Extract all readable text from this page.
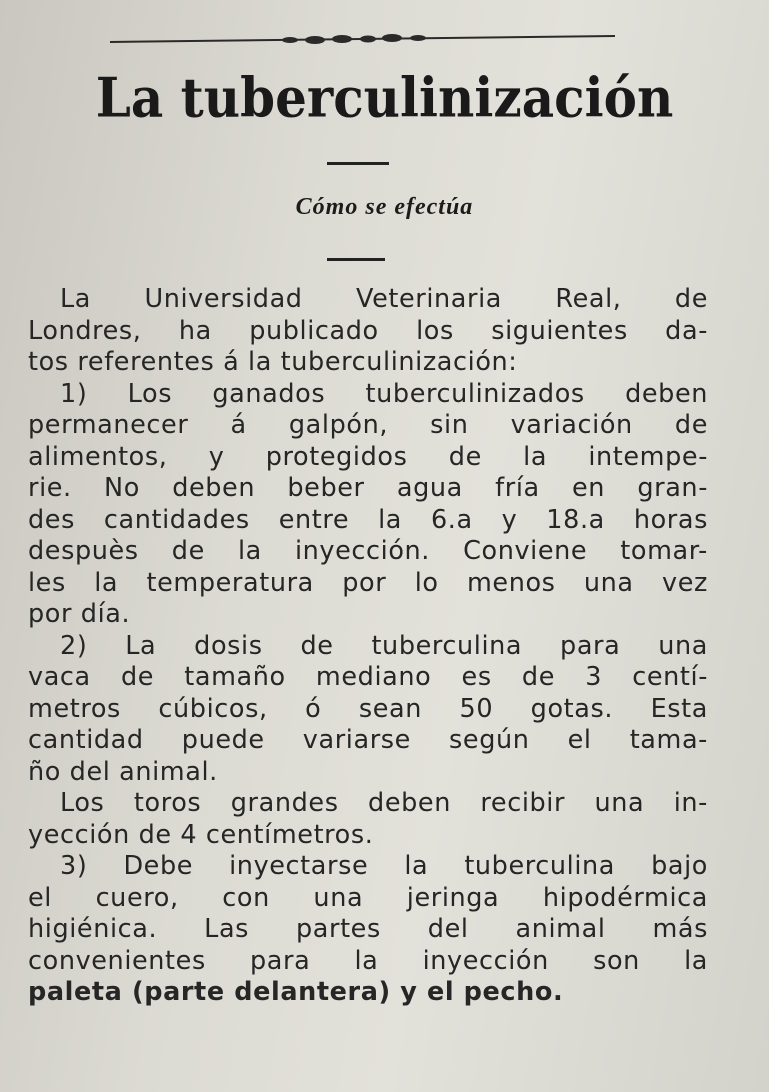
La tuberculinización
Cómo se efectúa
La Universidad Veterinaria Real, de
Londres, ha publicado los siguientes da-
tos referentes á la tuberculinización:
1) Los ganados tuberculinizados deben
permanecer á galpón, sin variación de
alimentos, y protegidos de la intempe-
rie. No deben beber agua fría en gran-
des cantidades entre la 6.a y 18.a horas
despuès de la inyección. Conviene tomar-
les la temperatura por lo menos una vez
por día.
2) La dosis de tuberculina para una
vaca de tamaño mediano es de 3 centí-
metros cúbicos, ó sean 50 gotas. Esta
cantidad puede variarse según el tama-
ño del animal.
Los toros grandes deben recibir una in-
yección de 4 centímetros.
3) Debe inyectarse la tuberculina bajo
el cuero, con una jeringa hipodérmica
higiénica. Las partes del animal más
convenientes para la inyección son la
paleta (parte delantera) y el pecho.
